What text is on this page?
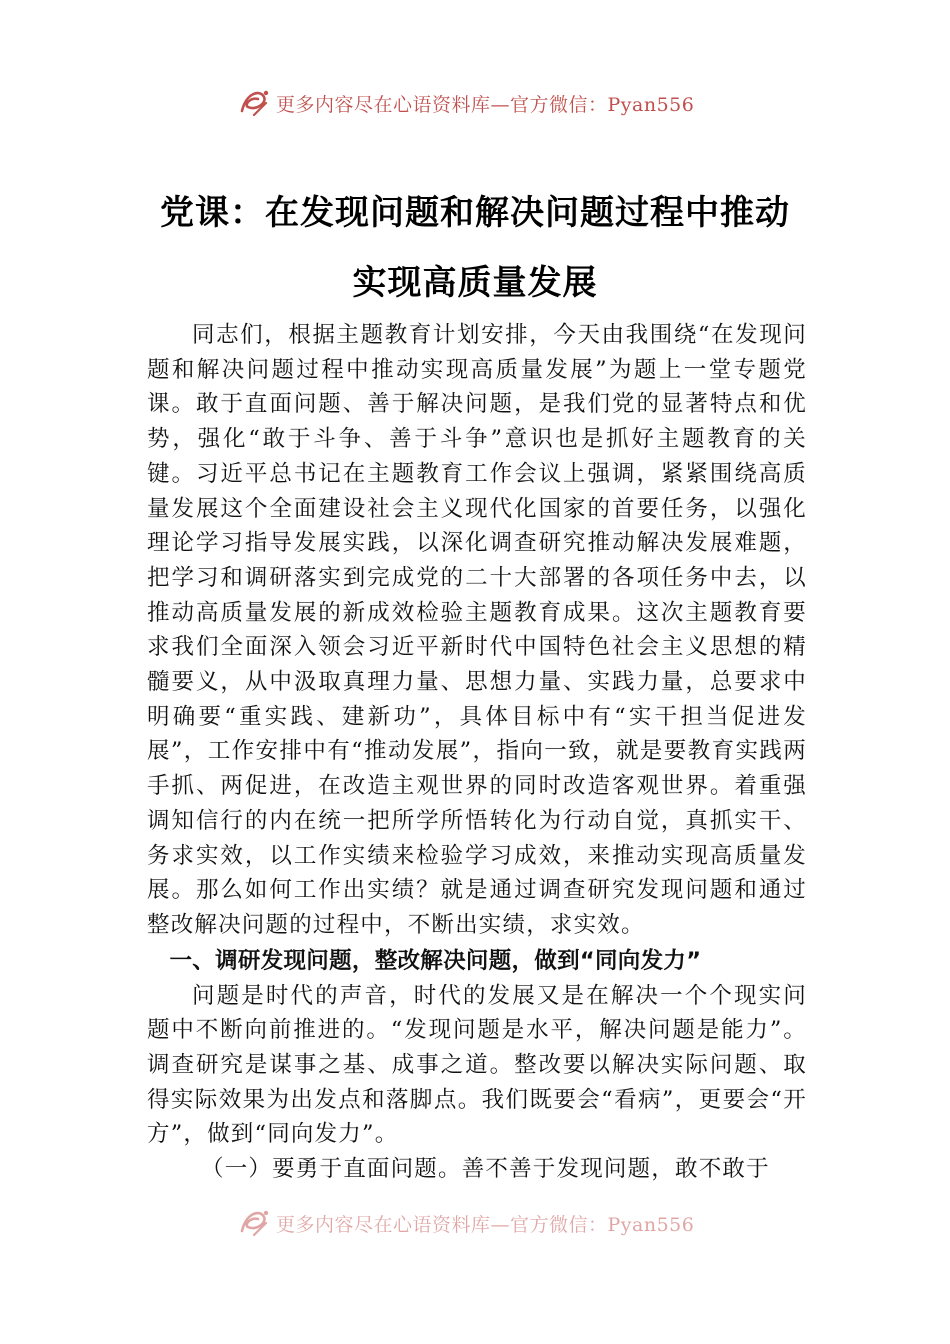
更多内容尽在心语资料库—官方微信：Pyan556
党课：在发现问题和解决问题过程中推动
实现高质量发展

同志们，根据主题教育计划安排，今天由我围绕“在发现问题和解决问题过程中推动实现高质量发展”为题上一堂专题党课。敢于直面问题、善于解决问题，是我们党的显著特点和优势，强化“敢于斗争、善于斗争”意识也是抓好主题教育的关键。习近平总书记在主题教育工作会议上强调，紧紧围绕高质量发展这个全面建设社会主义现代化国家的首要任务，以强化理论学习指导发展实践，以深化调查研究推动解决发展难题，把学习和调研落实到完成党的二十大部署的各项任务中去，以推动高质量发展的新成效检验主题教育成果。这次主题教育要求我们全面深入领会习近平新时代中国特色社会主义思想的精髓要义，从中汲取真理力量、思想力量、实践力量，总要求中明确要“重实践、建新功”，具体目标中有“实干担当促进发展”，工作安排中有“推动发展”，指向一致，就是要教育实践两手抓、两促进，在改造主观世界的同时改造客观世界。着重强调知信行的内在统一把所学所悟转化为行动自觉，真抓实干、务求实效，以工作实绩来检验学习成效，来推动实现高质量发展。那么如何工作出实绩？就是通过调查研究发现问题和通过整改解决问题的过程中，不断出实绩，求实效。

一、调研发现问题，整改解决问题，做到“同向发力”

问题是时代的声音，时代的发展又是在解决一个个现实问题中不断向前推进的。“发现问题是水平，解决问题是能力”。调查研究是谋事之基、成事之道。整改要以解决实际问题、取得实际效果为出发点和落脚点。我们既要会“看病”，更要会“开方”，做到“同向发力”。

（一）要勇于直面问题。善不善于发现问题，敢不敢于

更多内容尽在心语资料库—官方微信：Pyan556
